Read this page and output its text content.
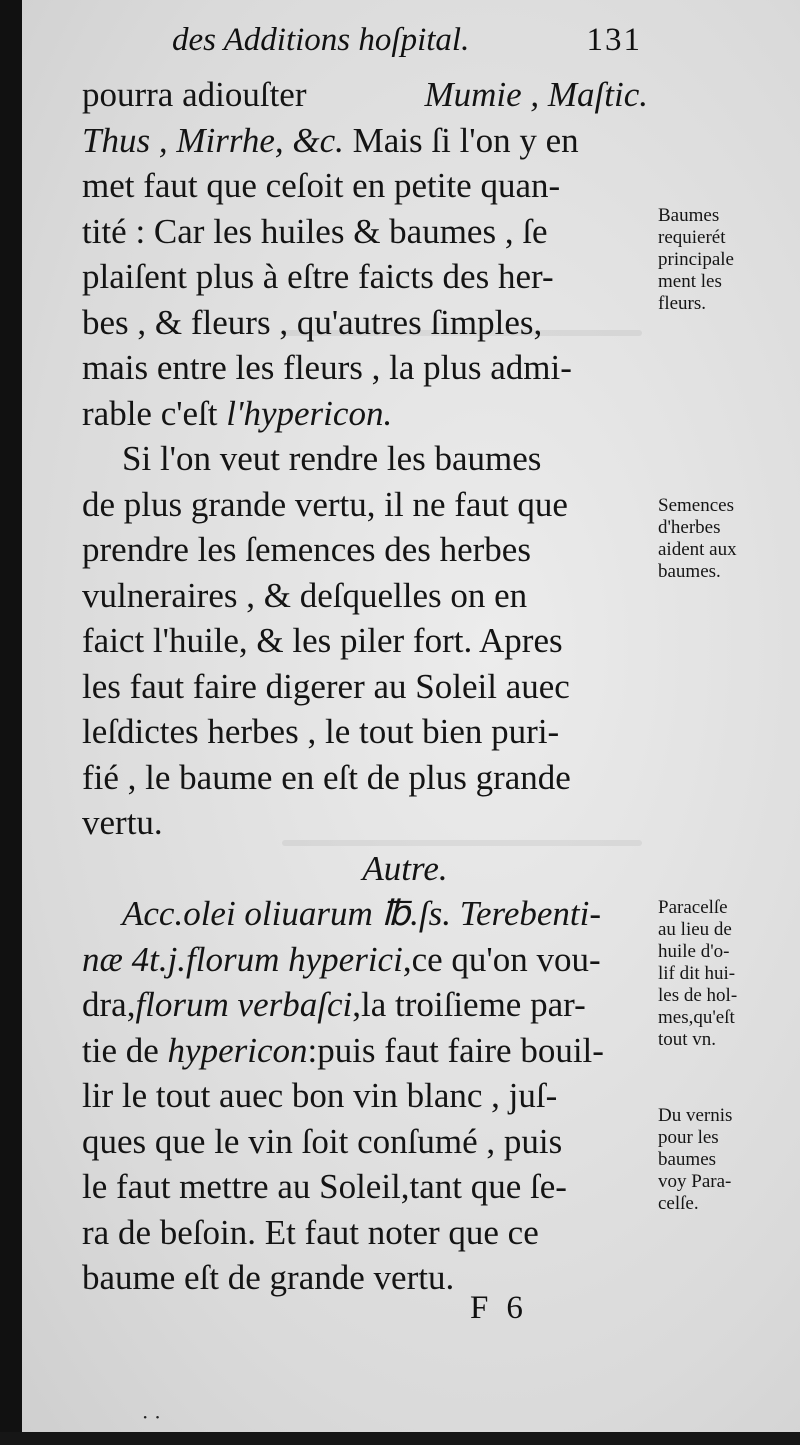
des Additions hoſpital.	131
pourra adiouſter	Mumie , Maſtic.
Thus , Mirrhe, &c. Mais ſi l'on y en
met faut que ceſoit en petite quan-
tité : Car les huiles & baumes , ſe
plaiſent plus à eſtre faicts des her-
bes , & fleurs , qu'autres ſimples,
mais entre les fleurs , la plus admi-
rable c'eſt l'hypericon.
Si l'on veut rendre les baumes
de plus grande vertu, il ne faut que
prendre les ſemences des herbes
vulneraires , & deſquelles on en
faict l'huile, & les piler fort. Apres
les faut faire digerer au Soleil auec
leſdictes herbes , le tout bien puri-
fié , le baume en eſt de plus grande
vertu.
Autre.
Acc.olei oliuarum ℔.ſs. Terebenti-
næ 4t.j.florum hyperici,ce qu'on vou-
dra,florum verbaſci,la troiſieme par-
tie de hypericon:puis faut faire bouil-
lir le tout auec bon vin blanc , juſ-
ques que le vin ſoit conſumé , puis
le faut mettre au Soleil,tant que ſe-
ra de beſoin. Et faut noter que ce
baume eſt de grande vertu.
Baumes
requierét
principale
ment les
fleurs.
Semences
d'herbes
aident aux
baumes.
Paracelſe
au lieu de
huile d'o-
lif dit hui-
les de hol-
mes,qu'eſt
tout vn.
Du vernis
pour les
baumes
voy Para-
celſe.
F6
··
